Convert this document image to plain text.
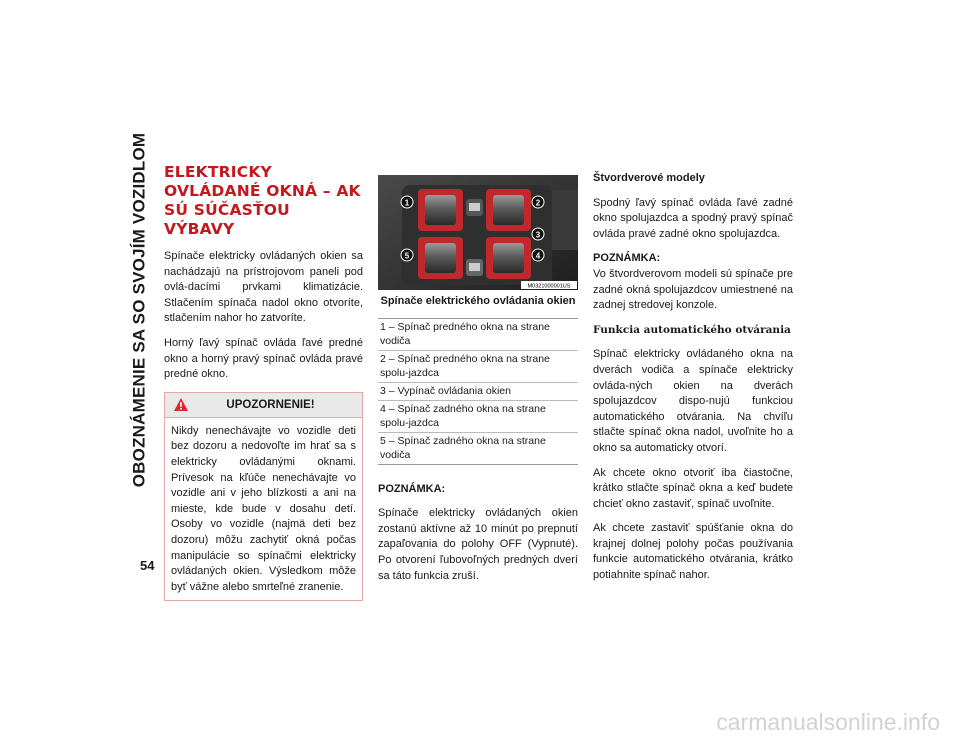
OBOZNÁMENIE SA SO SVOJÍM VOZIDLOM
54
ELEKTRICKY OVLÁDANÉ OKNÁ – AK SÚ SÚČASŤOU VÝBAVY

Spínače elektricky ovládaných okien sa nachádzajú na prístrojovom paneli pod ovlá-dacími prvkami klimatizácie. Stlačením spínača nadol okno otvoríte, stlačením nahor ho zatvoríte.

Horný ľavý spínač ovláda ľavé predné okno a horný pravý spínač ovláda pravé predné okno.

UPOZORNENIE!

Nikdy nenechávajte vo vozidle deti bez dozoru a nedovoľte im hrať sa s elektricky ovládanými oknami. Prívesok na kľúče nenechávajte vo vozidle ani v jeho blízkosti a ani na mieste, kde bude v dosahu detí. Osoby vo vozidle (najmä deti bez dozoru) môžu zachytiť okná počas manipulácie so spínačmi elektricky ovládaných okien. Výsledkom môže byť vážne alebo smrteľné zranenie.

1	2
3
4
5
M0321000001US
Spínače elektrického ovládania okien
1 – Spínač predného okna na strane vodiča
2 – Spínač predného okna na strane spolu-jazdca
3 – Vypínač ovládania okien
4 – Spínač zadného okna na strane spolu-jazdca
5 – Spínač zadného okna na strane vodiča

POZNÁMKA:

Spínače elektricky ovládaných okien zostanú aktívne až 10 minút po prepnutí zapaľovania do polohy OFF (Vypnuté). Po otvorení ľubovoľných predných dverí sa táto funkcia zruší.

Štvordverové modely

Spodný ľavý spínač ovláda ľavé zadné okno spolujazdca a spodný pravý spínač ovláda pravé zadné okno spolujazdca.

POZNÁMKA:

Vo štvordverovom modeli sú spínače pre zadné okná spolujazdcov umiestnené na zadnej stredovej konzole.

Funkcia automatického otvárania

Spínač elektricky ovládaného okna na dverách vodiča a spínače elektricky ovláda-ných okien na dverách spolujazdcov dispo-nujú funkciou automatického otvárania. Na chvíľu stlačte spínač okna nadol, uvoľnite ho a okno sa automaticky otvorí.

Ak chcete okno otvoriť iba čiastočne, krátko stlačte spínač okna a keď budete chcieť okno zastaviť, spínač uvoľnite.

Ak chcete zastaviť spúšťanie okna do krajnej dolnej polohy počas používania funkcie automatického otvárania, krátko potiahnite spínač nahor.

carmanualsonline.info
